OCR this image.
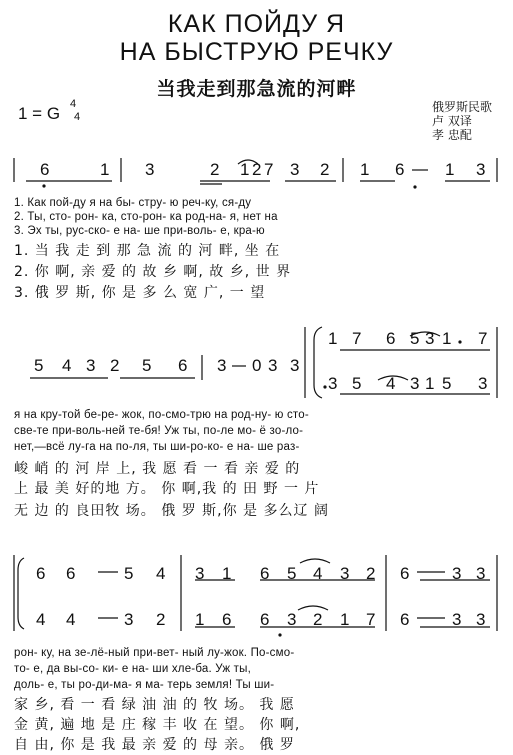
КАК ПОЙДУ Я
НА БЫСТРУЮ РЕЧКУ
当我走到那急流的河畔
1 = G 4
4
俄罗斯民歌
卢 双译
孝 忠配
6	1 3	2 1 2 7 3 2 1 6 1 3
1. Как пой-ду я на бы- стру- ю реч-ку, ся-ду
2. Ты, сто- рон- ка, сто-рон- ка род-на- я, нет на
3. Эх ты, рус-ско- е на- ше при-воль- е, кра-ю
1. 当 我 走 到 那 急 流 的 河 畔, 坐 在
2. 你 啊, 亲 爱 的 故 乡 啊, 故 乡, 世 界
3. 俄 罗 斯, 你 是 多 么 宽 广, 一 望
5 4 3 2 5 6 3 0 3 3
1 7 6 5 3 1 7
3 5 4 3 1 5 3
я на кру-той бе-ре- жок, по-смо-трю на род-ну- ю сто-
све-те при-воль-ней те-бя! Уж ты, по-ле мо- ё зо-ло-
нет,—всё лу-га на по-ля, ты ши-ро-ко- е на- ше раз-
峻 峭 的 河 岸 上, 我 愿 看 一 看 亲 爱 的
上 最 美 好的地 方。 你 啊,我 的 田 野 一 片
无 边 的 良田牧 场。 俄 罗 斯,你 是 多么辽 阔
6 6	5 4 3 1 6 5 4 3 2 6	3 3
4 4	3 2 1 6 6 3 2 1 7 6	3 3
рон- ку, на зе-лё-ный при-вет- ный лу-жок. По-смо-
то- е, да вы-со- ки- е на- ши хле-ба. Уж ты,
доль- е, ты ро-ди-ма- я ма- терь земля! Ты ши-
家 乡, 看 一 看 绿 油 油 的 牧 场。 我 愿
金 黄, 遍 地 是 庄 稼 丰 收 在 望。 你 啊,
自 由, 你 是 我 最 亲 爱 的 母 亲。 俄 罗
